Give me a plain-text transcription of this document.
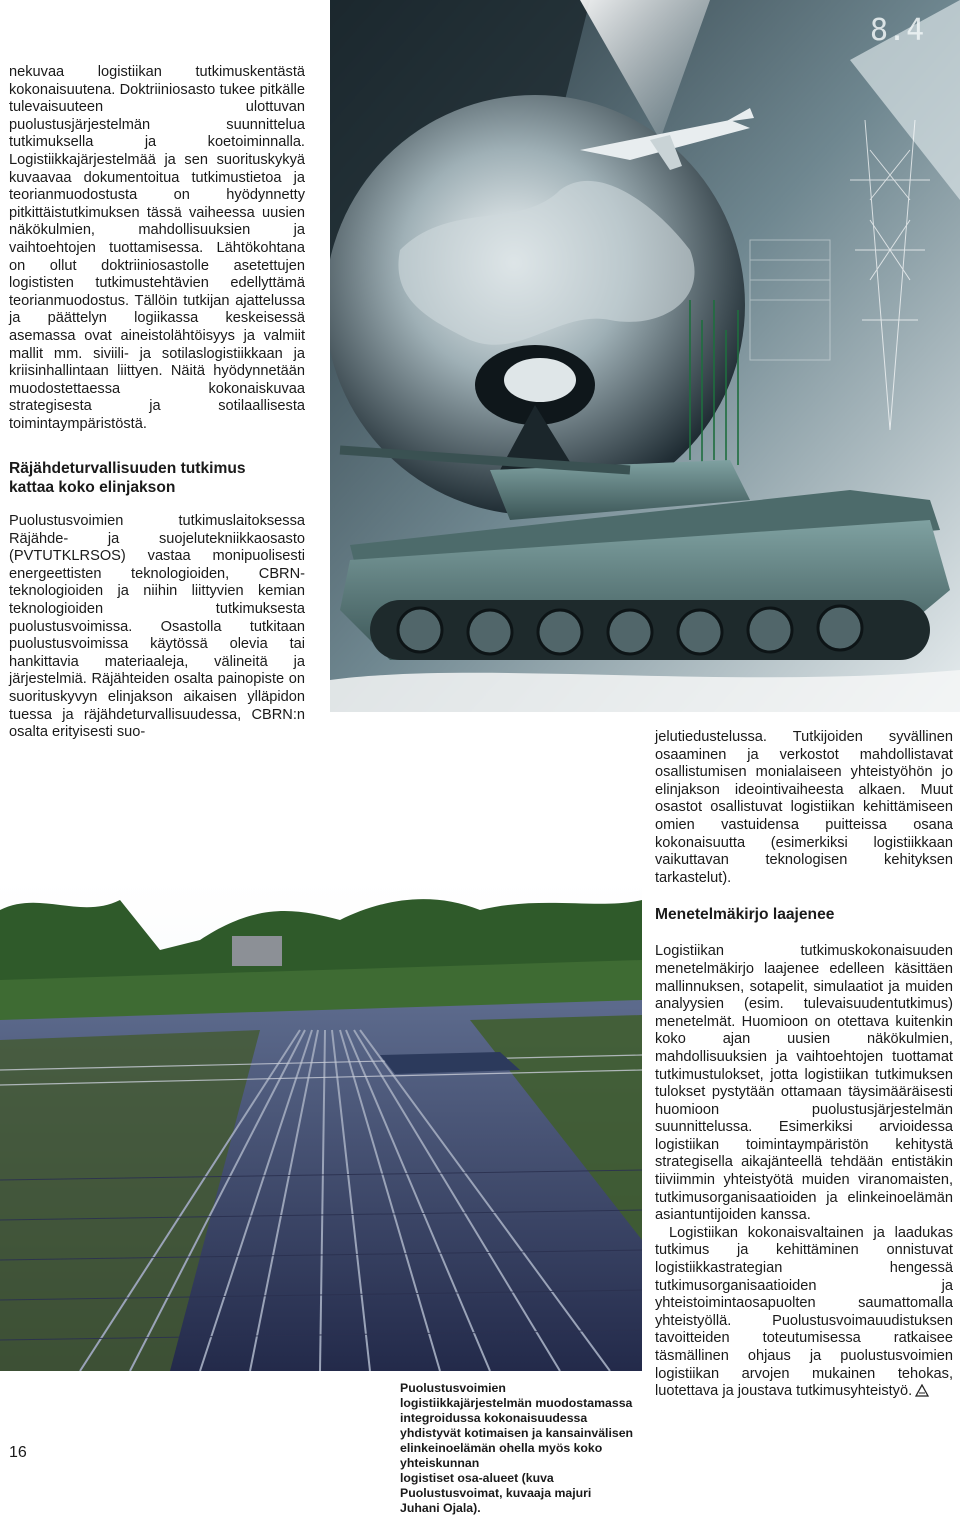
8.4

nekuvaa logistiikan tutkimuskentästä kokonaisuutena. Doktriiniosasto tukee pitkälle tulevaisuuteen ulottuvan puolustusjärjestelmän suunnittelua tutkimuksella ja koetoiminnalla. Logistiikkajärjestelmää ja sen suorituskykyä kuvaavaa dokumentoitua tutkimustietoa ja teorianmuodostusta on hyödynnetty pitkittäistutkimuksen tässä vaiheessa uusien näkökulmien, mahdollisuuksien ja vaihtoehtojen tuottamisessa. Lähtökohtana on ollut doktriiniosastolle asetettujen logististen tutkimustehtävien edellyttämä teorianmuodostus. Tällöin tutkijan ajattelussa ja päättelyn logiikassa keskeisessä asemassa ovat aineistolähtöisyys ja valmiit mallit mm. siviili- ja sotilaslogistiikkaan ja kriisinhallintaan liittyen. Näitä hyödynnetään muodostettaessa kokonaiskuvaa strategisesta ja sotilaallisesta toimintaympäristöstä.

Räjähdeturvallisuuden tutkimus
kattaa koko elinjakson

Puolustusvoimien tutkimuslaitoksessa Räjähde- ja suojelutekniikkaosasto (PVTUTKLRSOS) vastaa monipuolisesti energeettisten teknologioiden, CBRN-teknologioiden ja niihin liittyvien kemian teknologioiden tutkimuksesta puolustusvoimissa. Osastolla tutkitaan puolustusvoimissa käytössä olevia tai hankittavia materiaaleja, välineitä ja järjestelmiä. Räjähteiden osalta painopiste on suorituskyvyn elinjakson aikaisen ylläpidon tuessa ja räjähdeturvallisuudessa, CBRN:n osalta erityisesti suo-	jelutiedustelussa. Tutkijoiden syvällinen osaaminen ja verkostot mahdollistavat osallistumisen monialaiseen yhteistyöhön jo elinjakson ideointivaiheesta alkaen. Muut osastot osallistuvat logistiikan kehittämiseen omien vastuidensa puitteissa osana kokonaisuutta (esimerkiksi logistiikkaan vaikuttavan teknologisen kehityksen tarkastelut).

Menetelmäkirjo laajenee

Logistiikan tutkimuskokonaisuuden menetelmäkirjo laajenee edelleen käsittäen mallinnuksen, sotapelit, simulaatiot ja muiden analyysien (esim. tulevaisuudentutkimus) menetelmät. Huomioon on otettava kuitenkin koko ajan uusien näkökulmien, mahdollisuuksien ja vaihtoehtojen tuottamat tutkimustulokset, jotta logistiikan tutkimuksen tulokset pystytään ottamaan täysimääräisesti huomioon puolustusjärjestelmän suunnittelussa. Esimerkiksi arvioidessa logistiikan toimintaympäristön kehitystä strategisella aikajänteellä tehdään entistäkin tiiviimmin yhteistyötä muiden viranomaisten, tutkimusorganisaatioiden ja elinkeinoelämän asiantuntijoiden kanssa.

Logistiikan kokonaisvaltainen ja laadukas tutkimus ja kehittäminen onnistuvat logistiikkastrategian hengessä tutkimusorganisaatioiden ja yhteistoimintaosapuolten saumattomalla yhteistyöllä. Puolustusvoimauudistuksen tavoitteiden toteutumisessa ratkaisee täsmällinen ohjaus ja puolustusvoimien logistiikan arvojen mukainen tehokas, luotettava ja joustava tutkimusyhteistyö.

Puolustusvoimien logistiikkajärjestelmän muodostamassa integroidussa kokonaisuudessa

yhdistyvät kotimaisen ja kansainvälisen elinkeinoelämän ohella myös koko yhteiskunnan

logistiset osa-alueet (kuva Puolustusvoimat, kuvaaja majuri Juhani Ojala).

16
